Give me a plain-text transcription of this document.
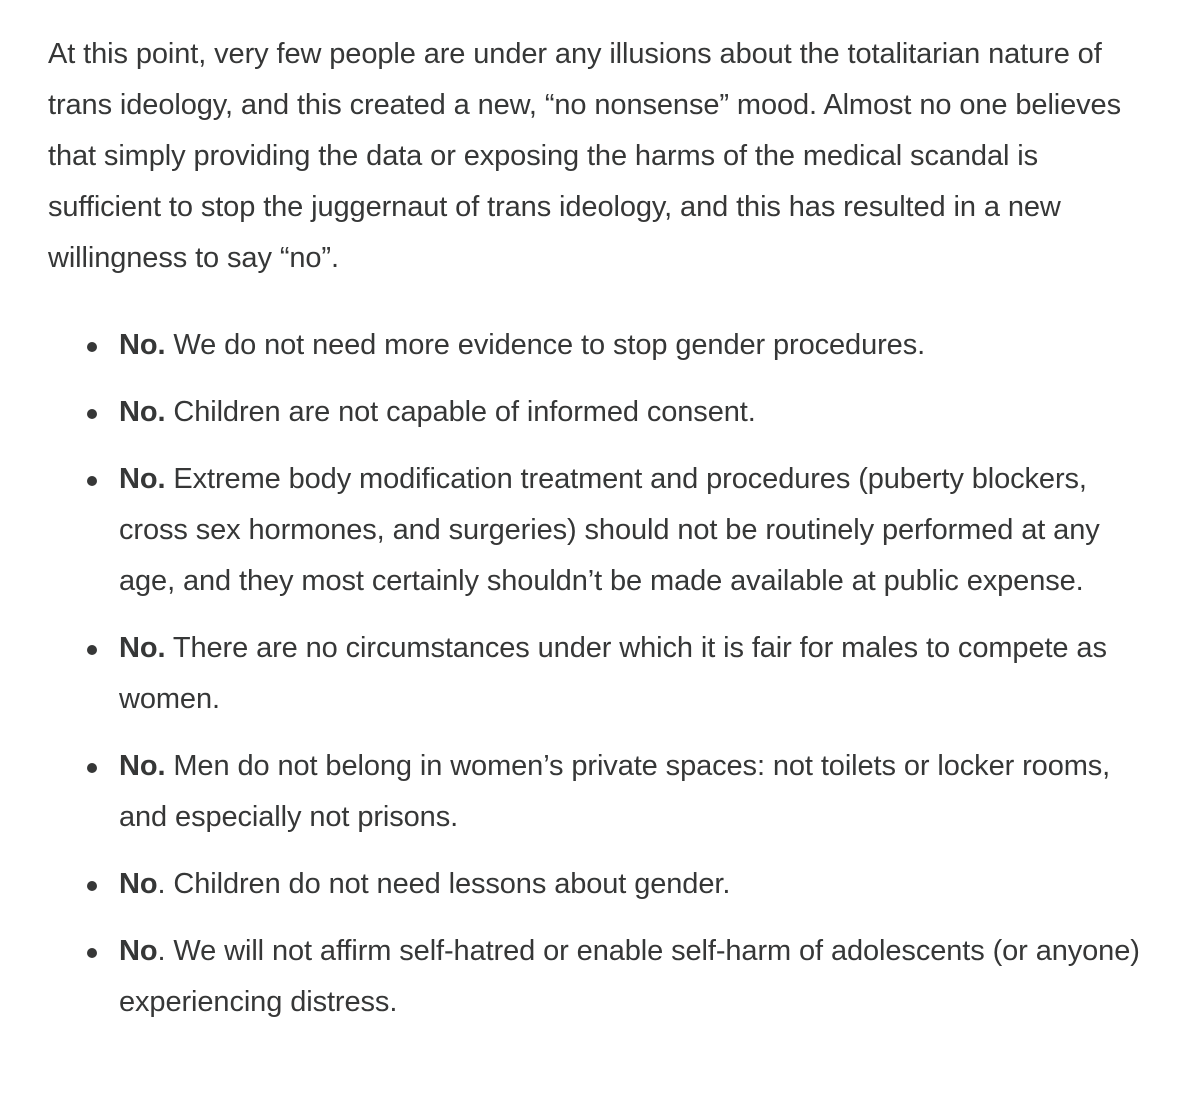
At this point, very few people are under any illusions about the totalitarian nature of trans ideology, and this created a new, “no nonsense” mood. Almost no one believes that simply providing the data or exposing the harms of the medical scandal is sufficient to stop the juggernaut of trans ideology, and this has resulted in a new willingness to say “no”.

No. We do not need more evidence to stop gender procedures.
No. Children are not capable of informed consent.
No. Extreme body modification treatment and procedures (puberty blockers, cross sex hormones, and surgeries) should not be routinely performed at any age, and they most certainly shouldn’t be made available at public expense.
No. There are no circumstances under which it is fair for males to compete as women.
No. Men do not belong in women’s private spaces: not toilets or locker rooms, and especially not prisons.
No. Children do not need lessons about gender.
No. We will not affirm self-hatred or enable self-harm of adolescents (or anyone) experiencing distress.
